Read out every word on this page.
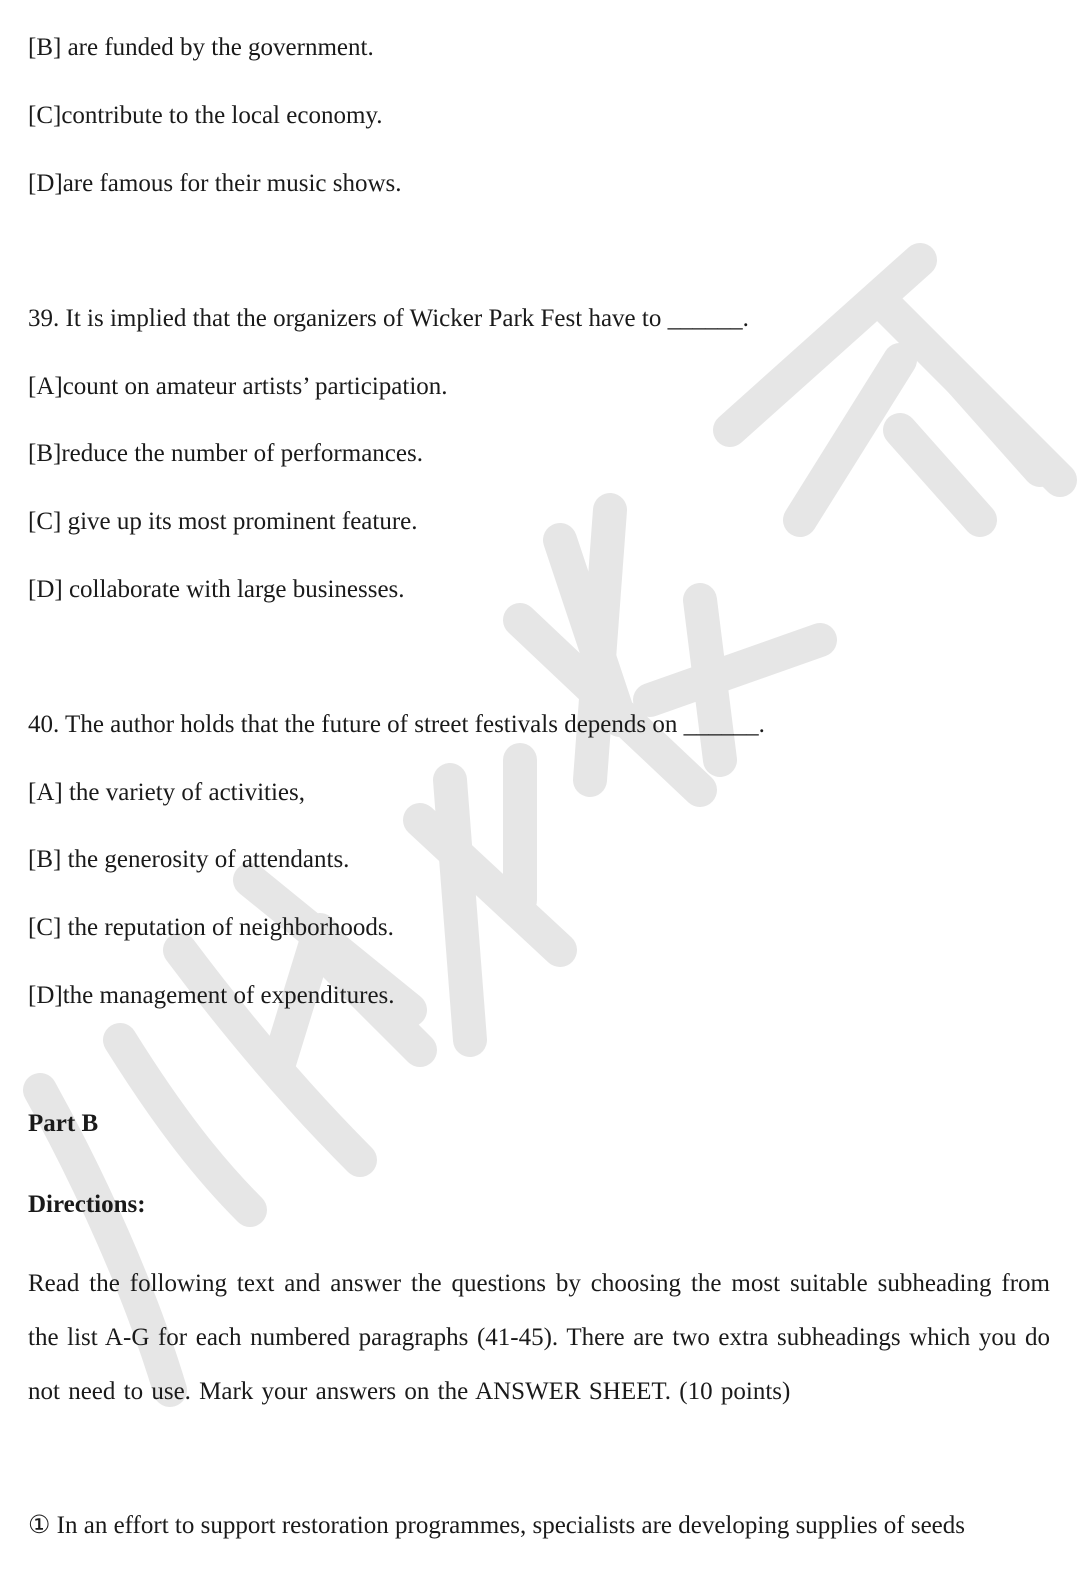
[B] are funded by the government.
[C]contribute to the local economy.
[D]are famous for their music shows.
39. It is implied that the organizers of Wicker Park Fest have to ______.
[A]count on amateur artists’ participation.
[B]reduce the number of performances.
[C] give up its most prominent feature.
[D] collaborate with large businesses.
40. The author holds that the future of street festivals depends on ______.
[A] the variety of activities,
[B] the generosity of attendants.
[C] the reputation of neighborhoods.
[D]the management of expenditures.
Part B
Directions:
Read the following text and answer the questions by choosing the most suitable subheading from the list A-G for each numbered paragraphs (41-45). There are two extra subheadings which you do not need to use. Mark your answers on the ANSWER SHEET. (10 points)
① In an effort to support restoration programmes, specialists are developing supplies of seeds
